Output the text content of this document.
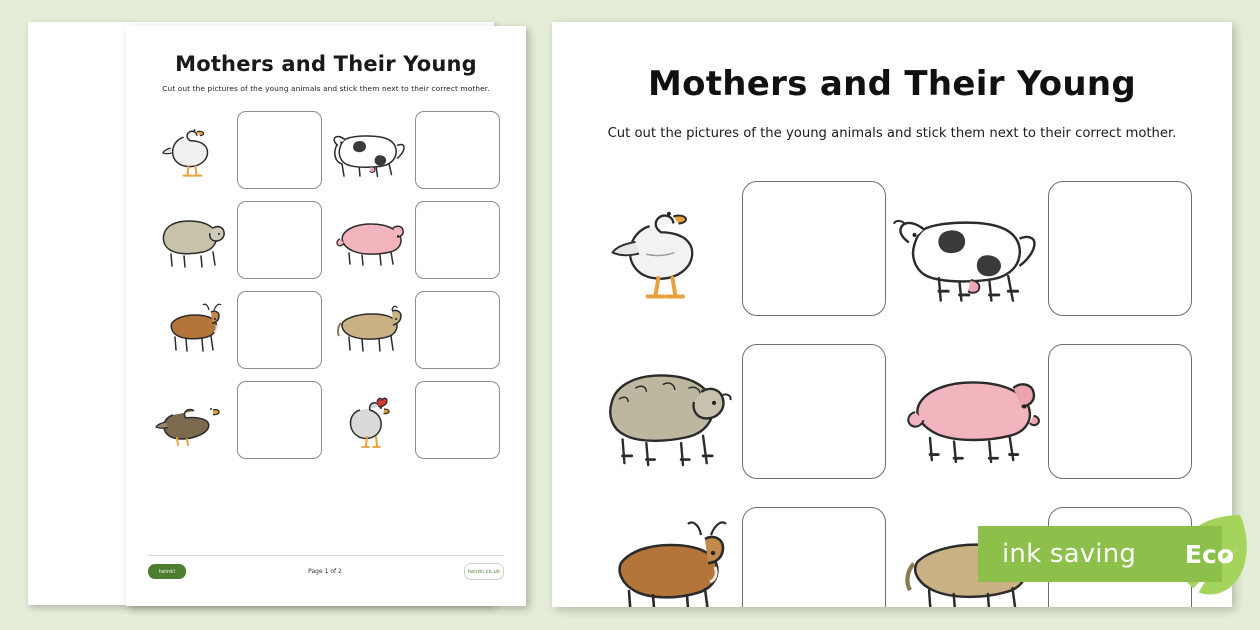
Mothers and Their Young
Cut out the pictures of the young animals and stick them next to their correct mother.
twinkl	Page 1 of 2	twinkl.co.uk
Mothers and Their Young
Cut out the pictures of the young animals and stick them next to their correct mother.
ink saving Eco
